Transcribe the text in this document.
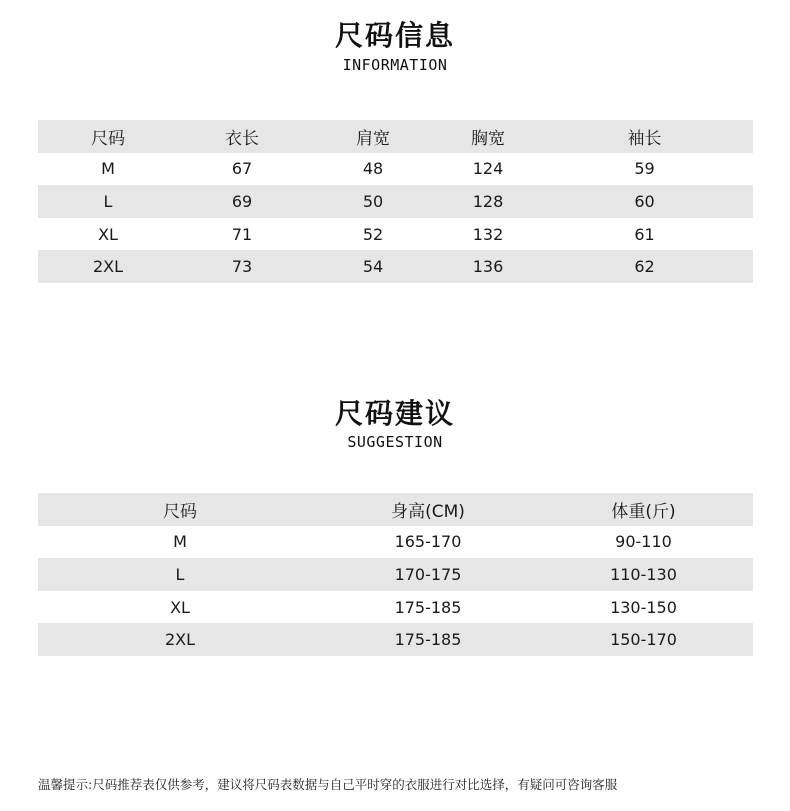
尺码信息
INFORMATION
尺码	衣长	肩宽	胸宽	袖长
M	67	48	124	59
L	69	50	128	60
XL	71	52	132	61
2XL	73	54	136	62
尺码建议
SUGGESTION
尺码	身高(CM)	体重(斤)
M	165-170	90-110
L	170-175	110-130
XL	175-185	130-150
2XL	175-185	150-170
温馨提示:尺码推荐表仅供参考，建议将尺码表数据与自己平时穿的衣服进行对比选择，有疑问可咨询客服
